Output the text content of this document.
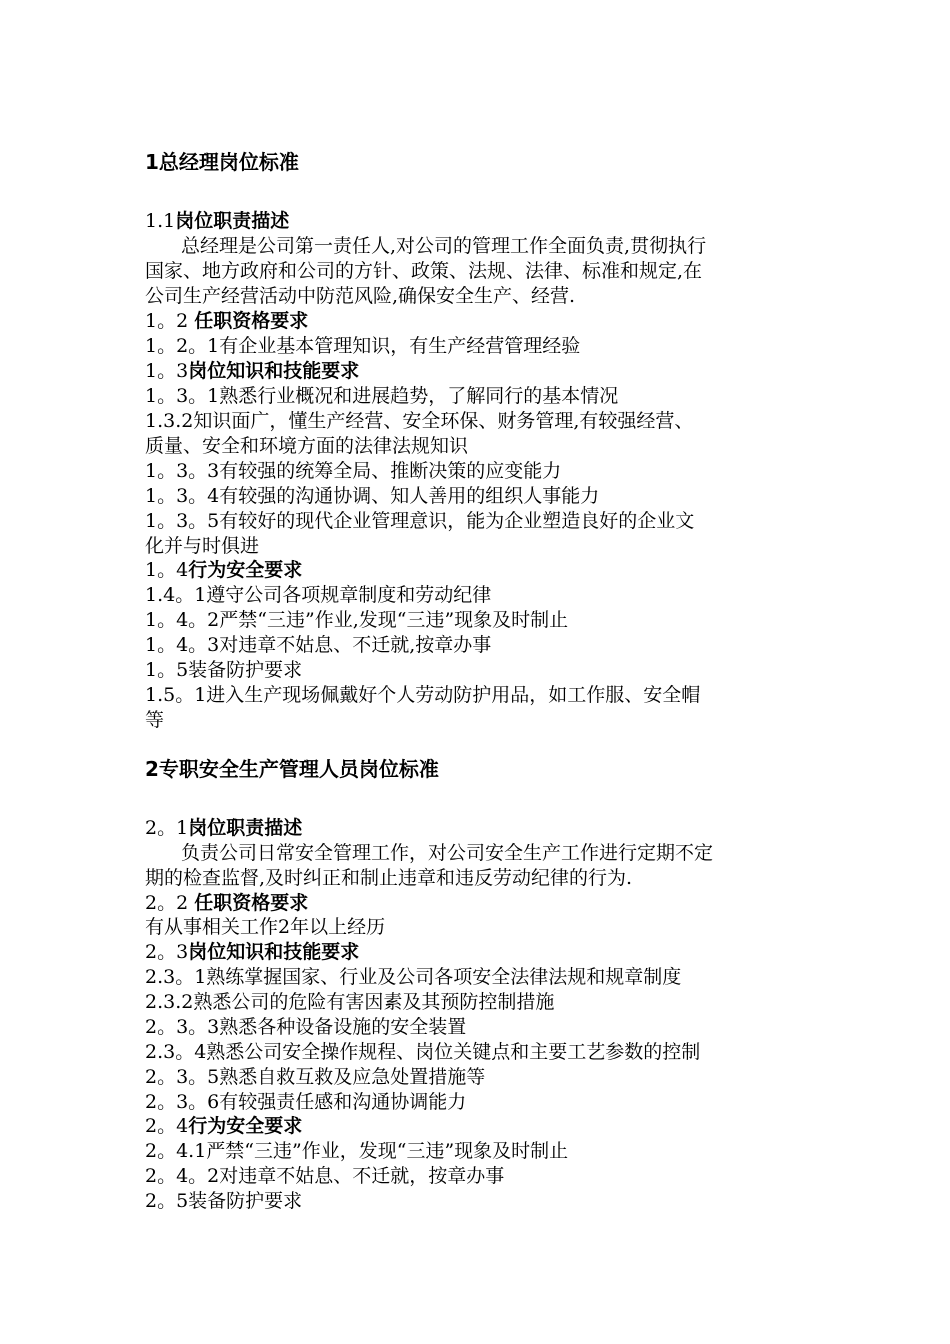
1总经理岗位标准
1.1岗位职责描述
总经理是公司第一责任人,对公司的管理工作全面负责,贯彻执行
国家、地方政府和公司的方针、政策、法规、法律、标准和规定,在
公司生产经营活动中防范风险,确保安全生产、经营.
1。2 任职资格要求
1。2。1有企业基本管理知识，有生产经营管理经验
1。3岗位知识和技能要求
1。3。1熟悉行业概况和进展趋势，了解同行的基本情况
1.3.2知识面广，懂生产经营、安全环保、财务管理,有较强经营、
质量、安全和环境方面的法律法规知识
1。3。3有较强的统筹全局、推断决策的应变能力
1。3。4有较强的沟通协调、知人善用的组织人事能力
1。3。5有较好的现代企业管理意识，能为企业塑造良好的企业文
化并与时俱进
1。4行为安全要求
1.4。1遵守公司各项规章制度和劳动纪律
1。4。2严禁“三违”作业,发现“三违”现象及时制止
1。4。3对违章不姑息、不迁就,按章办事
1。5装备防护要求
1.5。1进入生产现场佩戴好个人劳动防护用品，如工作服、安全帽
等
2专职安全生产管理人员岗位标准
2。1岗位职责描述
负责公司日常安全管理工作，对公司安全生产工作进行定期不定
期的检查监督,及时纠正和制止违章和违反劳动纪律的行为.
2。2 任职资格要求
有从事相关工作2年以上经历
2。3岗位知识和技能要求
2.3。1熟练掌握国家、行业及公司各项安全法律法规和规章制度
2.3.2熟悉公司的危险有害因素及其预防控制措施
2。3。3熟悉各种设备设施的安全装置
2.3。4熟悉公司安全操作规程、岗位关键点和主要工艺参数的控制
2。3。5熟悉自救互救及应急处置措施等
2。3。6有较强责任感和沟通协调能力
2。4行为安全要求
2。4.1严禁“三违”作业，发现“三违”现象及时制止
2。4。2对违章不姑息、不迁就，按章办事
2。5装备防护要求
